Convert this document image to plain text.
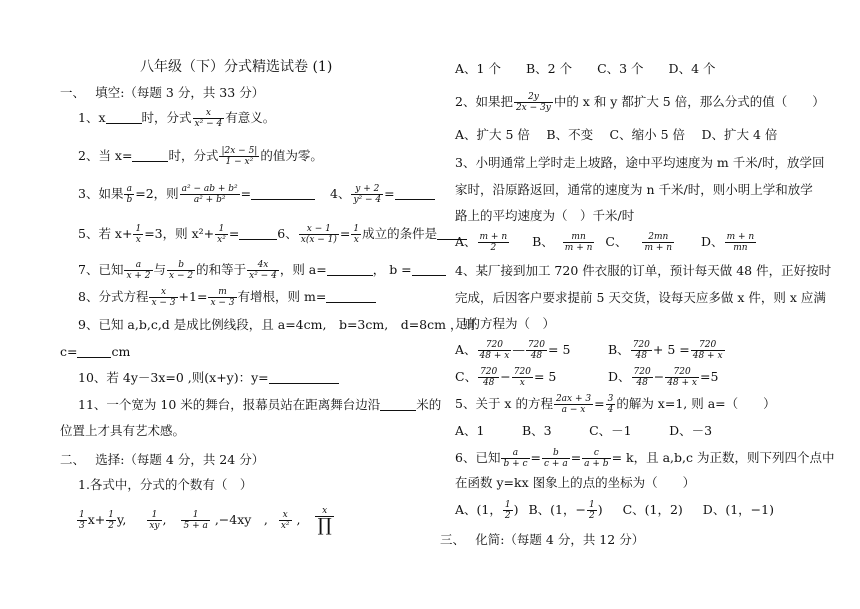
八年级（下）分式精选试卷 (1)
一、　 填空:（每题 3 分，共 33 分）
1、x	时，分式 $\frac{x}{\text{x² − 4}}$ 有意义。
2、当 x=	时，分式 $\frac{|2x - 5|}{\text{1 − x²}}$ 的值为零。
3、如果 $\frac{a}{b} =2$，则 $\frac{\text{a² − ab + b²}}{\text{a² + b²}}$ =	4、 $\frac{y + 2}{\text{y² − 4}}$ =
5、若 $x+ \frac{1}{x} =3$，则 $x^2+ \frac{1}{\text{x²}}$ =	6、 $\frac{x - 1}{x(x - 1)} = \frac{1}{x}$ 成立的条件是
7、已知 $\frac{a}{x + 2}$ 与 $\frac{b}{x - 2}$ 的和等于 $\frac{4x}{\text{x² − 4}}$ ，则 a=	， b =
8、分式方程 $\frac{x}{x - 3} +1= \frac{m}{x - 3}$ 有增根，则 m=
9、已知 a,b,c,d 是成比例线段，且 a=4cm,　b=3cm,　d=8cm ，则
c=	cm
10、若 4y－3x=0 ,则(x+y)：y=
11、一个宽为 10 米的舞台，报幕员站在距离舞台边沿	米的
位置上才具有艺术感。
二、　 选择:（每题 4 分，共 24 分）
1.各式中，分式的个数有（　）
$\frac{1}{3} x+ \frac{1}{2} y$, $\frac{1}{xy}$ , $\frac{1}{5 + a} ,-4xy$　, $\frac{x}{\text{x²}}$ , $\frac{x}{\prod}$
A、1 个　　B、2 个　　C、3 个　　D、4 个
2、如果把 $\frac{2y}{2x - 3y}$ 中的 x 和 y 都扩大 5 倍，那么分式的值（　　）
A、扩大 5 倍　 B、不变　 C、缩小 5 倍　 D、扩大 4 倍
3、小明通常上学时走上坡路，途中平均速度为 m 千米/时，放学回
家时，沿原路返回，通常的速度为 n 千米/时，则小明上学和放学
路上的平均速度为（　）千米/时
A、 $\frac{m + n}{2}$ B、 $\frac{mn}{m + n}$ C、 $\frac{2mn}{m + n}$ D、 $\frac{m + n}{mn}$
4、某厂接到加工 720 件衣服的订单，预计每天做 48 件，正好按时
完成，后因客户要求提前 5 天交货，设每天应多做 x 件，则 x 应满
足的方程为（　）
A、 $\frac{720}{48 + x}$ — $\frac{720}{48} = 5$	B、 $\frac{720}{48} + 5 = \frac{720}{48 + x}$
C、 $\frac{720}{48} - \frac{720}{x} = 5$	D、 $\frac{720}{48} - \frac{720}{48 + x} =5$
5、关于 x 的方程 $\frac{2ax + 3}{a - x} = \frac{3}{4}$ 的解为 x=1, 则 a=（　　）
A、1　　　B、3　　　C、－1　　　D、－3
6、已知 $\frac{a}{b + c} = \frac{b}{c + a} = \frac{c}{a + b} = k$，且 a,b,c 为正数，则下列四个点中
在函数 y=kx 图象上的点的坐标为（　　）
A、(1， $\frac{1}{2}$ ) B、(1，− $\frac{1}{2}$ ) C、(1，2) D、(1，−1)
三、　 化简:（每题 4 分，共 12 分）
